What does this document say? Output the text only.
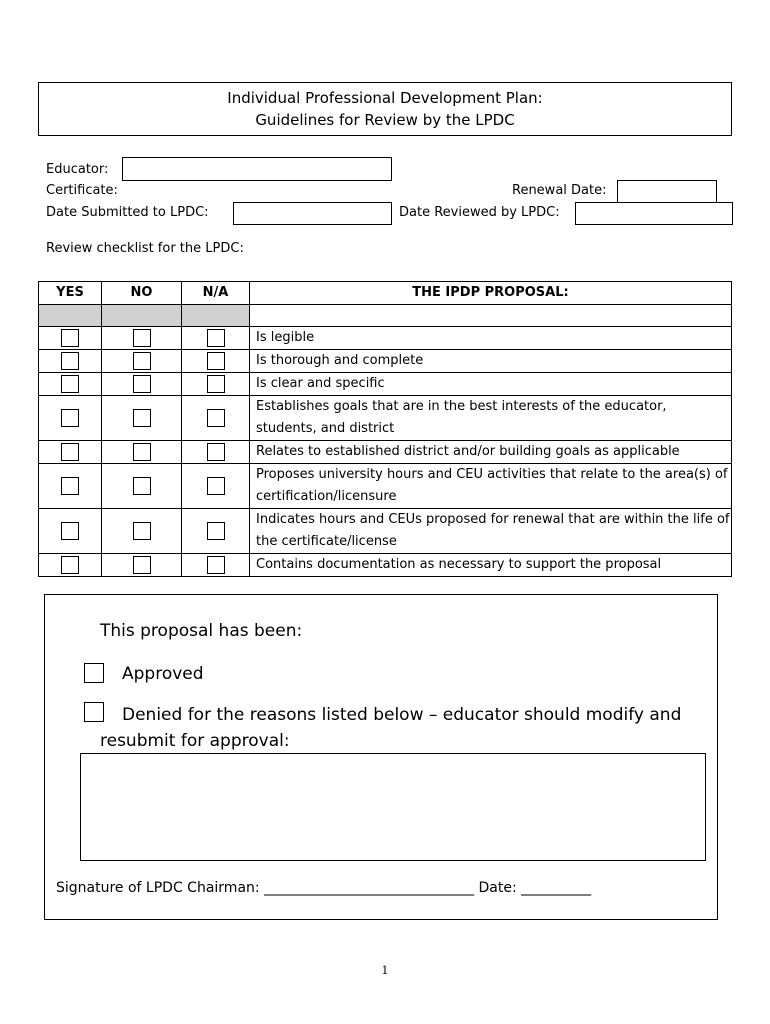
Individual Professional Development Plan:
Guidelines for Review by the LPDC
Educator:
Certificate:	Renewal Date:
Date Submitted to LPDC:	Date Reviewed by LPDC:
Review checklist for the LPDC:
YES	NO	N/A	THE IPDP PROPOSAL:

			Is legible
			Is thorough and complete
			Is clear and specific
			Establishes goals that are in the best interests of the educator, students, and district
			Relates to established district and/or building goals as applicable
			Proposes university hours and CEU activities that relate to the area(s) of certification/licensure
			Indicates hours and CEUs proposed for renewal that are within the life of the certificate/license
			Contains documentation as necessary to support the proposal
This proposal has been:
Approved
Denied for the reasons listed below – educator should modify and
resubmit for approval:
Signature of LPDC Chairman: ______________________________ Date: __________
1
